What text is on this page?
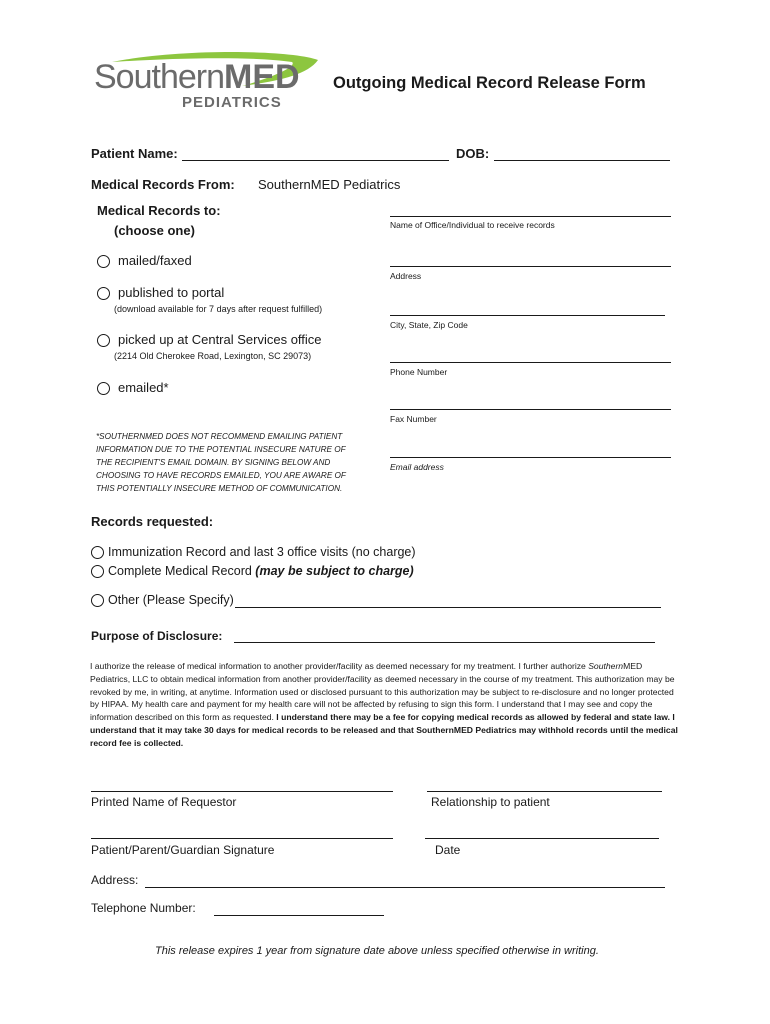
SouthernMED
PEDIATRICS
Outgoing Medical Record Release Form
Patient Name:	DOB:
Medical Records From: SouthernMED Pediatrics
Medical Records to:
(choose one)
mailed/faxed
published to portal
(download available for 7 days after request fulfilled)
picked up at Central Services office
(2214 Old Cherokee Road, Lexington, SC 29073)
emailed*
*SOUTHERNMED DOES NOT RECOMMEND EMAILING PATIENT INFORMATION DUE TO THE POTENTIAL INSECURE NATURE OF THE RECIPIENT'S EMAIL DOMAIN. BY SIGNING BELOW AND CHOOSING TO HAVE RECORDS EMAILED, YOU ARE AWARE OF THIS POTENTIALLY INSECURE METHOD OF COMMUNICATION.
Name of Office/Individual to receive records
Address
City, State, Zip Code
Phone Number
Fax Number
Email address
Records requested:
Immunization Record and last 3 office visits (no charge)
Complete Medical Record (may be subject to charge)
Other (Please Specify)
Purpose of Disclosure:
I authorize the release of medical information to another provider/facility as deemed necessary for my treatment. I further authorize SouthernMED Pediatrics, LLC to obtain medical information from another provider/facility as deemed necessary in the course of my treatment. This authorization may be revoked by me, in writing, at anytime. Information used or disclosed pursuant to this authorization may be subject to re-disclosure and no longer protected by HIPAA. My health care and payment for my health care will not be affected by refusing to sign this form. I understand that I may see and copy the information described on this form as requested. I understand there may be a fee for copying medical records as allowed by federal and state law. I understand that it may take 30 days for medical records to be released and that SouthernMED Pediatrics may withhold records until the medical record fee is collected.
Printed Name of Requestor	Relationship to patient
Patient/Parent/Guardian Signature	Date
Address:
Telephone Number:
This release expires 1 year from signature date above unless specified otherwise in writing.
